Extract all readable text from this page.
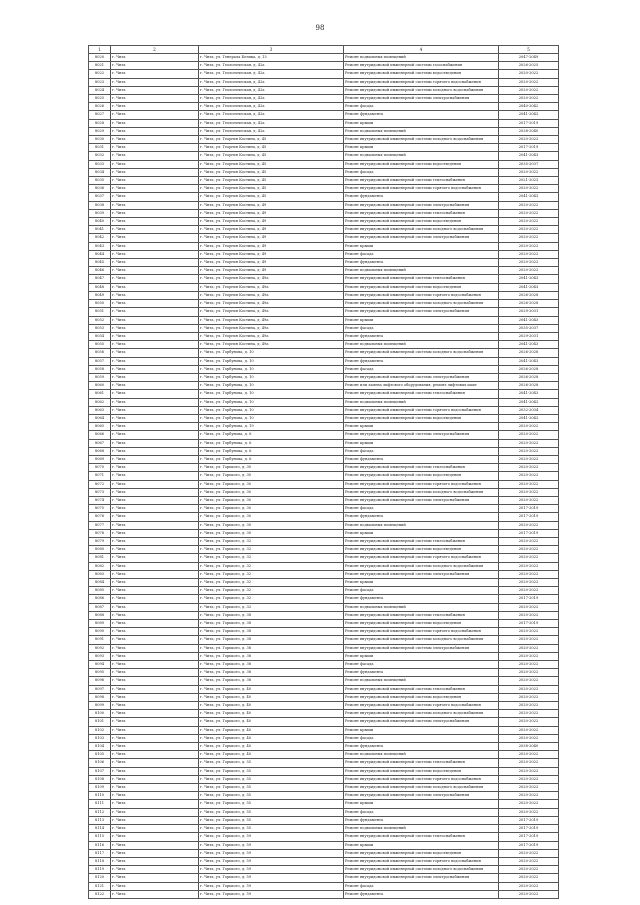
98
1	2	3	4	5
8020	г. Чита	г. Чита, ул. Генерала Белика, д. 13	Ремонт подвальных помещений	2047-2049
8021	г. Чита	г. Чита, ул. Геологическая, д. 42а	Ремонт внутридомовой инженерной системы газоснабжения	2026-2025
8022	г. Чита	г. Чита, ул. Геологическая, д. 42а	Ремонт внутридомовой инженерной системы водоотведения	2020-2022
8023	г. Чита	г. Чита, ул. Геологическая, д. 42а	Ремонт внутридомовой инженерной системы горячего водоснабжения	2020-2022
8024	г. Чита	г. Чита, ул. Геологическая, д. 42а	Ремонт внутридомовой инженерной системы холодного водоснабжения	2020-2022
8025	г. Чита	г. Чита, ул. Геологическая, д. 42а	Ремонт внутридомовой инженерной системы электроснабжения	2020-2022
8026	г. Чита	г. Чита, ул. Геологическая, д. 42а	Ремонт фасада	2040-2042
8027	г. Чита	г. Чита, ул. Геологическая, д. 42а	Ремонт фундамента	2041-2043
8028	г. Чита	г. Чита, ул. Геологическая, д. 42а	Ремонт крыши	2017-2019
8029	г. Чита	г. Чита, ул. Геологическая, д. 42а	Ремонт подвальных помещений	2038-2040
8030	г. Чита	г. Чита, ул. Георгия Костина, д. 45	Ремонт внутридомовой инженерной системы холодного водоснабжения	2020-2022
8031	г. Чита	г. Чита, ул. Георгия Костина, д. 45	Ремонт крыши	2017-2019
8032	г. Чита	г. Чита, ул. Георгия Костина, д. 45	Ремонт подвальных помещений	2041-2043
8033	г. Чита	г. Чита, ул. Георгия Костина, д. 45	Ремонт внутридомовой инженерной системы водоотведения	2035-2037
8034	г. Чита	г. Чита, ул. Георгия Костина, д. 45	Ремонт фасада	2020-2022
8035	г. Чита	г. Чита, ул. Георгия Костина, д. 45	Ремонт внутридомовой инженерной системы теплоснабжения	2021-2023
8036	г. Чита	г. Чита, ул. Георгия Костина, д. 45	Ремонт внутридомовой инженерной системы горячего водоснабжения	2020-2022
8037	г. Чита	г. Чита, ул. Георгия Костина, д. 45	Ремонт фундамента	2041-2043
8038	г. Чита	г. Чита, ул. Георгия Костина, д. 49	Ремонт внутридомовой инженерной системы электроснабжения	2020-2022
8039	г. Чита	г. Чита, ул. Георгия Костина, д. 49	Ремонт внутридомовой инженерной системы теплоснабжения	2020-2022
8040	г. Чита	г. Чита, ул. Георгия Костина, д. 49	Ремонт внутридомовой инженерной системы водоотведения	2020-2022
8041	г. Чита	г. Чита, ул. Георгия Костина, д. 49	Ремонт внутридомовой инженерной системы холодного водоснабжения	2020-2022
8042	г. Чита	г. Чита, ул. Георгия Костина, д. 49	Ремонт внутридомовой инженерной системы электроснабжения	2020-2022
8043	г. Чита	г. Чита, ул. Георгия Костина, д. 49	Ремонт крыши	2020-2022
8044	г. Чита	г. Чита, ул. Георгия Костина, д. 49	Ремонт фасада	2020-2022
8045	г. Чита	г. Чита, ул. Георгия Костина, д. 49	Ремонт фундамента	2020-2022
8046	г. Чита	г. Чита, ул. Георгия Костина, д. 49	Ремонт подвальных помещений	2020-2022
8047	г. Чита	г. Чита, ул. Георгия Костина, д. 49а	Ремонт внутридомовой инженерной системы теплоснабжения	2041-2043
8048	г. Чита	г. Чита, ул. Георгия Костина, д. 49а	Ремонт внутридомовой инженерной системы водоотведения	2041-2043
8049	г. Чита	г. Чита, ул. Георгия Костина, д. 49а	Ремонт внутридомовой инженерной системы горячего водоснабжения	2026-2028
8050	г. Чита	г. Чита, ул. Георгия Костина, д. 49а	Ремонт внутридомовой инженерной системы холодного водоснабжения	2026-2028
8051	г. Чита	г. Чита, ул. Георгия Костина, д. 49а	Ремонт внутридомовой инженерной системы электроснабжения	2029-2031
8052	г. Чита	г. Чита, ул. Георгия Костина, д. 49а	Ремонт крыши	2041-2043
8053	г. Чита	г. Чита, ул. Георгия Костина, д. 49а	Ремонт фасада	2035-2037
8054	г. Чита	г. Чита, ул. Георгия Костина, д. 49а	Ремонт фундамента	2029-2031
8055	г. Чита	г. Чита, ул. Георгия Костина, д. 49а	Ремонт подвальных помещений	2041-2043
8056	г. Чита	г. Чита, ул. Горбунова, д. 10	Ремонт внутридомовой инженерной системы холодного водоснабжения	2026-2028
8057	г. Чита	г. Чита, ул. Горбунова, д. 10	Ремонт фундамента	2041-2043
8058	г. Чита	г. Чита, ул. Горбунова, д. 10	Ремонт фасада	2026-2028
8059	г. Чита	г. Чита, ул. Горбунова, д. 10	Ремонт внутридомовой инженерной системы электроснабжения	2026-2028
8060	г. Чита	г. Чита, ул. Горбунова, д. 10	Ремонт или замена лифтового оборудования, ремонт лифтовых шахт	2026-2028
8061	г. Чита	г. Чита, ул. Горбунова, д. 10	Ремонт внутридомовой инженерной системы теплоснабжения	2041-2043
8062	г. Чита	г. Чита, ул. Горбунова, д. 10	Ремонт подвальных помещений	2041-2043
8063	г. Чита	г. Чита, ул. Горбунова, д. 10	Ремонт внутридомовой инженерной системы горячего водоснабжения	2032-2034
8064	г. Чита	г. Чита, ул. Горбунова, д. 10	Ремонт внутридомовой инженерной системы водоотведения	2041-2043
8065	г. Чита	г. Чита, ул. Горбунова, д. 19	Ремонт крыши	2020-2022
8066	г. Чита	г. Чита, ул. Горбунова, д. 6	Ремонт внутридомовой инженерной системы электроснабжения	2020-2022
8067	г. Чита	г. Чита, ул. Горбунова, д. 6	Ремонт крыши	2020-2022
8068	г. Чита	г. Чита, ул. Горбунова, д. 6	Ремонт фасада	2020-2022
8069	г. Чита	г. Чита, ул. Горбунова, д. 6	Ремонт фундамента	2020-2022
8070	г. Чита	г. Чита, ул. Горького, д. 30	Ремонт внутридомовой инженерной системы теплоснабжения	2020-2022
8071	г. Чита	г. Чита, ул. Горького, д. 30	Ремонт внутридомовой инженерной системы водоотведения	2020-2022
8072	г. Чита	г. Чита, ул. Горького, д. 30	Ремонт внутридомовой инженерной системы горячего водоснабжения	2020-2022
8073	г. Чита	г. Чита, ул. Горького, д. 30	Ремонт внутридомовой инженерной системы холодного водоснабжения	2020-2022
8074	г. Чита	г. Чита, ул. Горького, д. 30	Ремонт внутридомовой инженерной системы электроснабжения	2020-2022
8075	г. Чита	г. Чита, ул. Горького, д. 30	Ремонт фасада	2017-2019
8076	г. Чита	г. Чита, ул. Горького, д. 30	Ремонт фундамента	2017-2019
8077	г. Чита	г. Чита, ул. Горького, д. 30	Ремонт подвальных помещений	2020-2022
8078	г. Чита	г. Чита, ул. Горького, д. 30	Ремонт крыши	2017-2019
8079	г. Чита	г. Чита, ул. Горького, д. 32	Ремонт внутридомовой инженерной системы теплоснабжения	2020-2022
8080	г. Чита	г. Чита, ул. Горького, д. 32	Ремонт внутридомовой инженерной системы водоотведения	2020-2022
8081	г. Чита	г. Чита, ул. Горького, д. 32	Ремонт внутридомовой инженерной системы горячего водоснабжения	2020-2022
8082	г. Чита	г. Чита, ул. Горького, д. 32	Ремонт внутридомовой инженерной системы холодного водоснабжения	2020-2022
8083	г. Чита	г. Чита, ул. Горького, д. 32	Ремонт внутридомовой инженерной системы электроснабжения	2020-2022
8084	г. Чита	г. Чита, ул. Горького, д. 32	Ремонт крыши	2020-2022
8085	г. Чита	г. Чита, ул. Горького, д. 32	Ремонт фасада	2020-2022
8086	г. Чита	г. Чита, ул. Горького, д. 32	Ремонт фундамента	2017-2019
8087	г. Чита	г. Чита, ул. Горького, д. 32	Ремонт подвальных помещений	2020-2022
8088	г. Чита	г. Чита, ул. Горького, д. 38	Ремонт внутридомовой инженерной системы теплоснабжения	2020-2022
8089	г. Чита	г. Чита, ул. Горького, д. 38	Ремонт внутридомовой инженерной системы водоотведения	2017-2019
8090	г. Чита	г. Чита, ул. Горького, д. 38	Ремонт внутридомовой инженерной системы горячего водоснабжения	2020-2022
8091	г. Чита	г. Чита, ул. Горького, д. 38	Ремонт внутридомовой инженерной системы холодного водоснабжения	2020-2022
8092	г. Чита	г. Чита, ул. Горького, д. 38	Ремонт внутридомовой инженерной системы электроснабжения	2020-2022
8093	г. Чита	г. Чита, ул. Горького, д. 38	Ремонт крыши	2020-2022
8094	г. Чита	г. Чита, ул. Горького, д. 38	Ремонт фасада	2020-2022
8095	г. Чита	г. Чита, ул. Горького, д. 38	Ремонт фундамента	2020-2022
8096	г. Чита	г. Чита, ул. Горького, д. 38	Ремонт подвальных помещений	2020-2022
8097	г. Чита	г. Чита, ул. Горького, д. 40	Ремонт внутридомовой инженерной системы теплоснабжения	2020-2022
8098	г. Чита	г. Чита, ул. Горького, д. 40	Ремонт внутридомовой инженерной системы водоотведения	2020-2022
8099	г. Чита	г. Чита, ул. Горького, д. 40	Ремонт внутридомовой инженерной системы горячего водоснабжения	2020-2022
8100	г. Чита	г. Чита, ул. Горького, д. 40	Ремонт внутридомовой инженерной системы холодного водоснабжения	2020-2022
8101	г. Чита	г. Чита, ул. Горького, д. 40	Ремонт внутридомовой инженерной системы электроснабжения	2020-2022
8102	г. Чита	г. Чита, ул. Горького, д. 40	Ремонт крыши	2020-2022
8103	г. Чита	г. Чита, ул. Горького, д. 40	Ремонт фасада	2020-2022
8104	г. Чита	г. Чита, ул. Горького, д. 40	Ремонт фундамента	2038-2040
8105	г. Чита	г. Чита, ул. Горького, д. 40	Ремонт подвальных помещений	2020-2022
8106	г. Чита	г. Чита, ул. Горького, д. 55	Ремонт внутридомовой инженерной системы теплоснабжения	2020-2022
8107	г. Чита	г. Чита, ул. Горького, д. 55	Ремонт внутридомовой инженерной системы водоотведения	2020-2022
8108	г. Чита	г. Чита, ул. Горького, д. 55	Ремонт внутридомовой инженерной системы горячего водоснабжения	2020-2022
8109	г. Чита	г. Чита, ул. Горького, д. 55	Ремонт внутридомовой инженерной системы холодного водоснабжения	2020-2022
8110	г. Чита	г. Чита, ул. Горького, д. 55	Ремонт внутридомовой инженерной системы электроснабжения	2020-2022
8111	г. Чита	г. Чита, ул. Горького, д. 55	Ремонт крыши	2020-2022
8112	г. Чита	г. Чита, ул. Горького, д. 55	Ремонт фасада	2020-2022
8113	г. Чита	г. Чита, ул. Горького, д. 55	Ремонт фундамента	2017-2019
8114	г. Чита	г. Чита, ул. Горького, д. 55	Ремонт подвальных помещений	2017-2019
8115	г. Чита	г. Чита, ул. Горького, д. 59	Ремонт внутридомовой инженерной системы теплоснабжения	2017-2019
8116	г. Чита	г. Чита, ул. Горького, д. 59	Ремонт крыши	2017-2019
8117	г. Чита	г. Чита, ул. Горького, д. 59	Ремонт внутридомовой инженерной системы водоотведения	2020-2022
8118	г. Чита	г. Чита, ул. Горького, д. 59	Ремонт внутридомовой инженерной системы горячего водоснабжения	2020-2022
8119	г. Чита	г. Чита, ул. Горького, д. 59	Ремонт внутридомовой инженерной системы холодного водоснабжения	2020-2022
8120	г. Чита	г. Чита, ул. Горького, д. 59	Ремонт внутридомовой инженерной системы электроснабжения	2020-2022
8121	г. Чита	г. Чита, ул. Горького, д. 59	Ремонт фасада	2020-2022
8122	г. Чита	г. Чита, ул. Горького, д. 59	Ремонт фундамента	2020-2022
